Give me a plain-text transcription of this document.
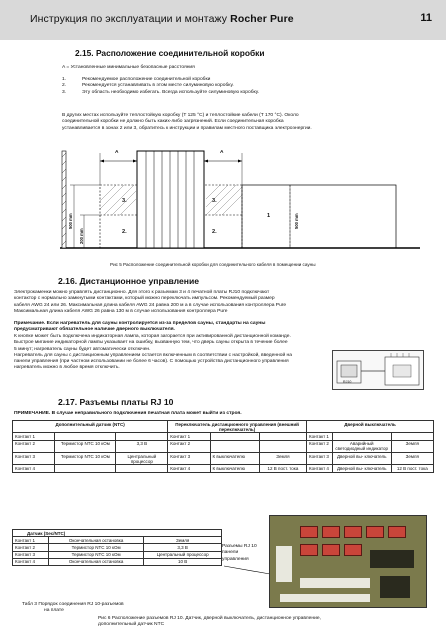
Инструкция по эксплуатации и монтажу Rocher Pure	11
2.15. Расположение соединительной коробки
A = Установленные минимальные безопасные расстояния
1.	Рекомендуемое расположение соединительной коробки
2.	Рекомендуется устанавливать в этом месте силуминовую коробку.
3.	Эту область необходимо избегать. Всегда используйте силуминовую коробку.
В других местах используйте теплостойкую коробку (T 125 °C) и теплостойкие кабели (T 170 °C). Около
соединительной коробки не должно быть каких-либо загрязнений. Если соединительная коробка
устанавливается в зонах 2 или 3, обратитесь к инструкции и правилам местного поставщика электроэнергии.
A	A
3.	3.
2.	2.
1
500 mm
200 mm
500 mm
Рис 5 Расположение соединительной коробки для соединительного кабеля в помещении сауны
2.16. Дистанционное управление
Электрокаменки можно управлять дистанционно. Для этого к разъемам 3 и 4 печатной платы RJ10 подключают
контактор с нормально замкнутыми контактами, который можно переключать импульсом. Рекомендуемый размер
кабеля AWG 24 или 26. Максимальная длина кабеля AWG 24 равна 200 м а в случае использования контроллера Pure
Максимальная длина кабеля AWG 26 равна 130 м в случае использования контроллера Pure
Примечание. Если нагреватель для сауны контролируется из-за пределов сауны, стандарты на сауны
предусматривают обязательное наличие дверного выключателя.
К кнопке может быть подключена индикаторная лампа, которая загорается при активированной дистанционной команде.
Быстрое мигание индикаторной лампы указывает на ошибку, вызванную тем, что дверь сауны открыта в течение более
5 минут; нагреватель сауны будет автоматически отключен.
Нагреватель для сауны с дистанционным управлением остается включенным в соответствии с настройкой, введенной на
панели управления (при частном использовании не более 6 часов). С помощью устройства дистанционного управления
нагреватель можно в любое время отключить.
RJ10
2.17. Разъемы платы RJ 10
ПРИМЕЧАНИЕ. В случае неправильного подключения печатная плата может выйти из строя.
Дополнительный датчик (NTC)			Переключатель дистанционного управления (внешний переключатель)			Дверной выключатель		
Контакт 1			Контакт 1			Контакт 1		
Контакт 2	Термистор NTC 10 кОм	3,3 В	Контакт 2			Контакт 2	Аварийный светодиодный индикатор	Земля
Контакт 3	Термистор NTC 10 кОм	Центральный процессор	Контакт 3	К выключателю	Земля	Контакт 3	Дверной вы- ключатель	Земля
Контакт 4			Контакт 4	К выключателю	12 В пост. тока	Контакт 4	Дверной вы- ключатель	12 В пост. тока
Датчик (Sec/NTC)		
Контакт 1	Окончательная остановка	Земля
Контакт 2	Термистор NTC 10 кОм	3,3 В
Контакт 3	Термистор NTC 10 кОм	Центральный процессор
Контакт 4	Окончательная остановка	10 В
Разъемы RJ 10
панели
управления
Табл 3 Порядок соединения RJ 10-разъемов
на плате
Рис 6 Расположение разъемов RJ 10. Датчик, дверной выключатель, дистанционное управление,
дополнительный датчик NTC
